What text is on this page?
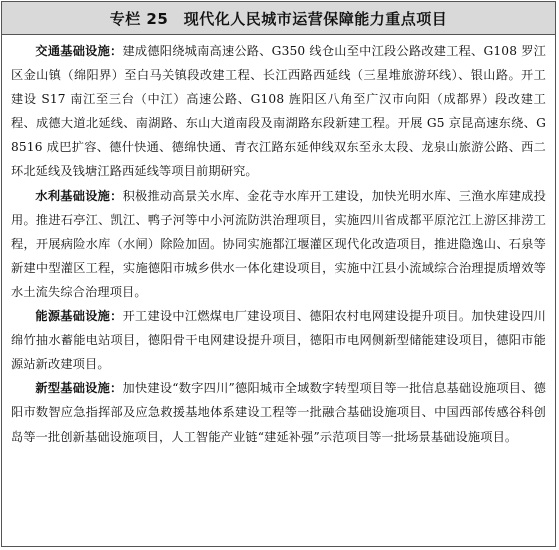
专栏 25　现代化人民城市运营保障能力重点项目

交通基础设施：建成德阳绕城南高速公路、G350 线仓山至中江段公路改建工程、G108 罗江区金山镇（绵阳界）至白马关镇段改建工程、长江西路西延线（三星堆旅游环线）、银山路。开工建设 S17 南江至三台（中江）高速公路、G108 旌阳区八角至广汉市向阳（成都界）段改建工程、成德大道北延线、南湖路、东山大道南段及南湖路东段新建工程。开展 G5 京昆高速东绕、G8516 成巴扩容、德什快通、德绵快通、青衣江路东延伸线双东至永太段、龙泉山旅游公路、西二环北延线及钱塘江路西延线等项目前期研究。

水利基础设施：积极推动高景关水库、金花寺水库开工建设，加快光明水库、三渔水库建成投用。推进石亭江、凯江、鸭子河等中小河流防洪治理项目，实施四川省成都平原沱江上游区排涝工程，开展病险水库（水闸）除险加固。协同实施都江堰灌区现代化改造项目，推进隐逸山、石泉等新建中型灌区工程，实施德阳市城乡供水一体化建设项目，实施中江县小流域综合治理提质增效等水土流失综合治理项目。

能源基础设施：开工建设中江燃煤电厂建设项目、德阳农村电网建设提升项目。加快建设四川绵竹抽水蓄能电站项目，德阳骨干电网建设提升项目，德阳市电网侧新型储能建设项目，德阳市能源站新改建项目。

新型基础设施：加快建设“数字四川”德阳城市全域数字转型项目等一批信息基础设施项目、德阳市数智应急指挥部及应急救援基地体系建设工程等一批融合基础设施项目、中国西部传感谷科创岛等一批创新基础设施项目，人工智能产业链“建延补强”示范项目等一批场景基础设施项目。
